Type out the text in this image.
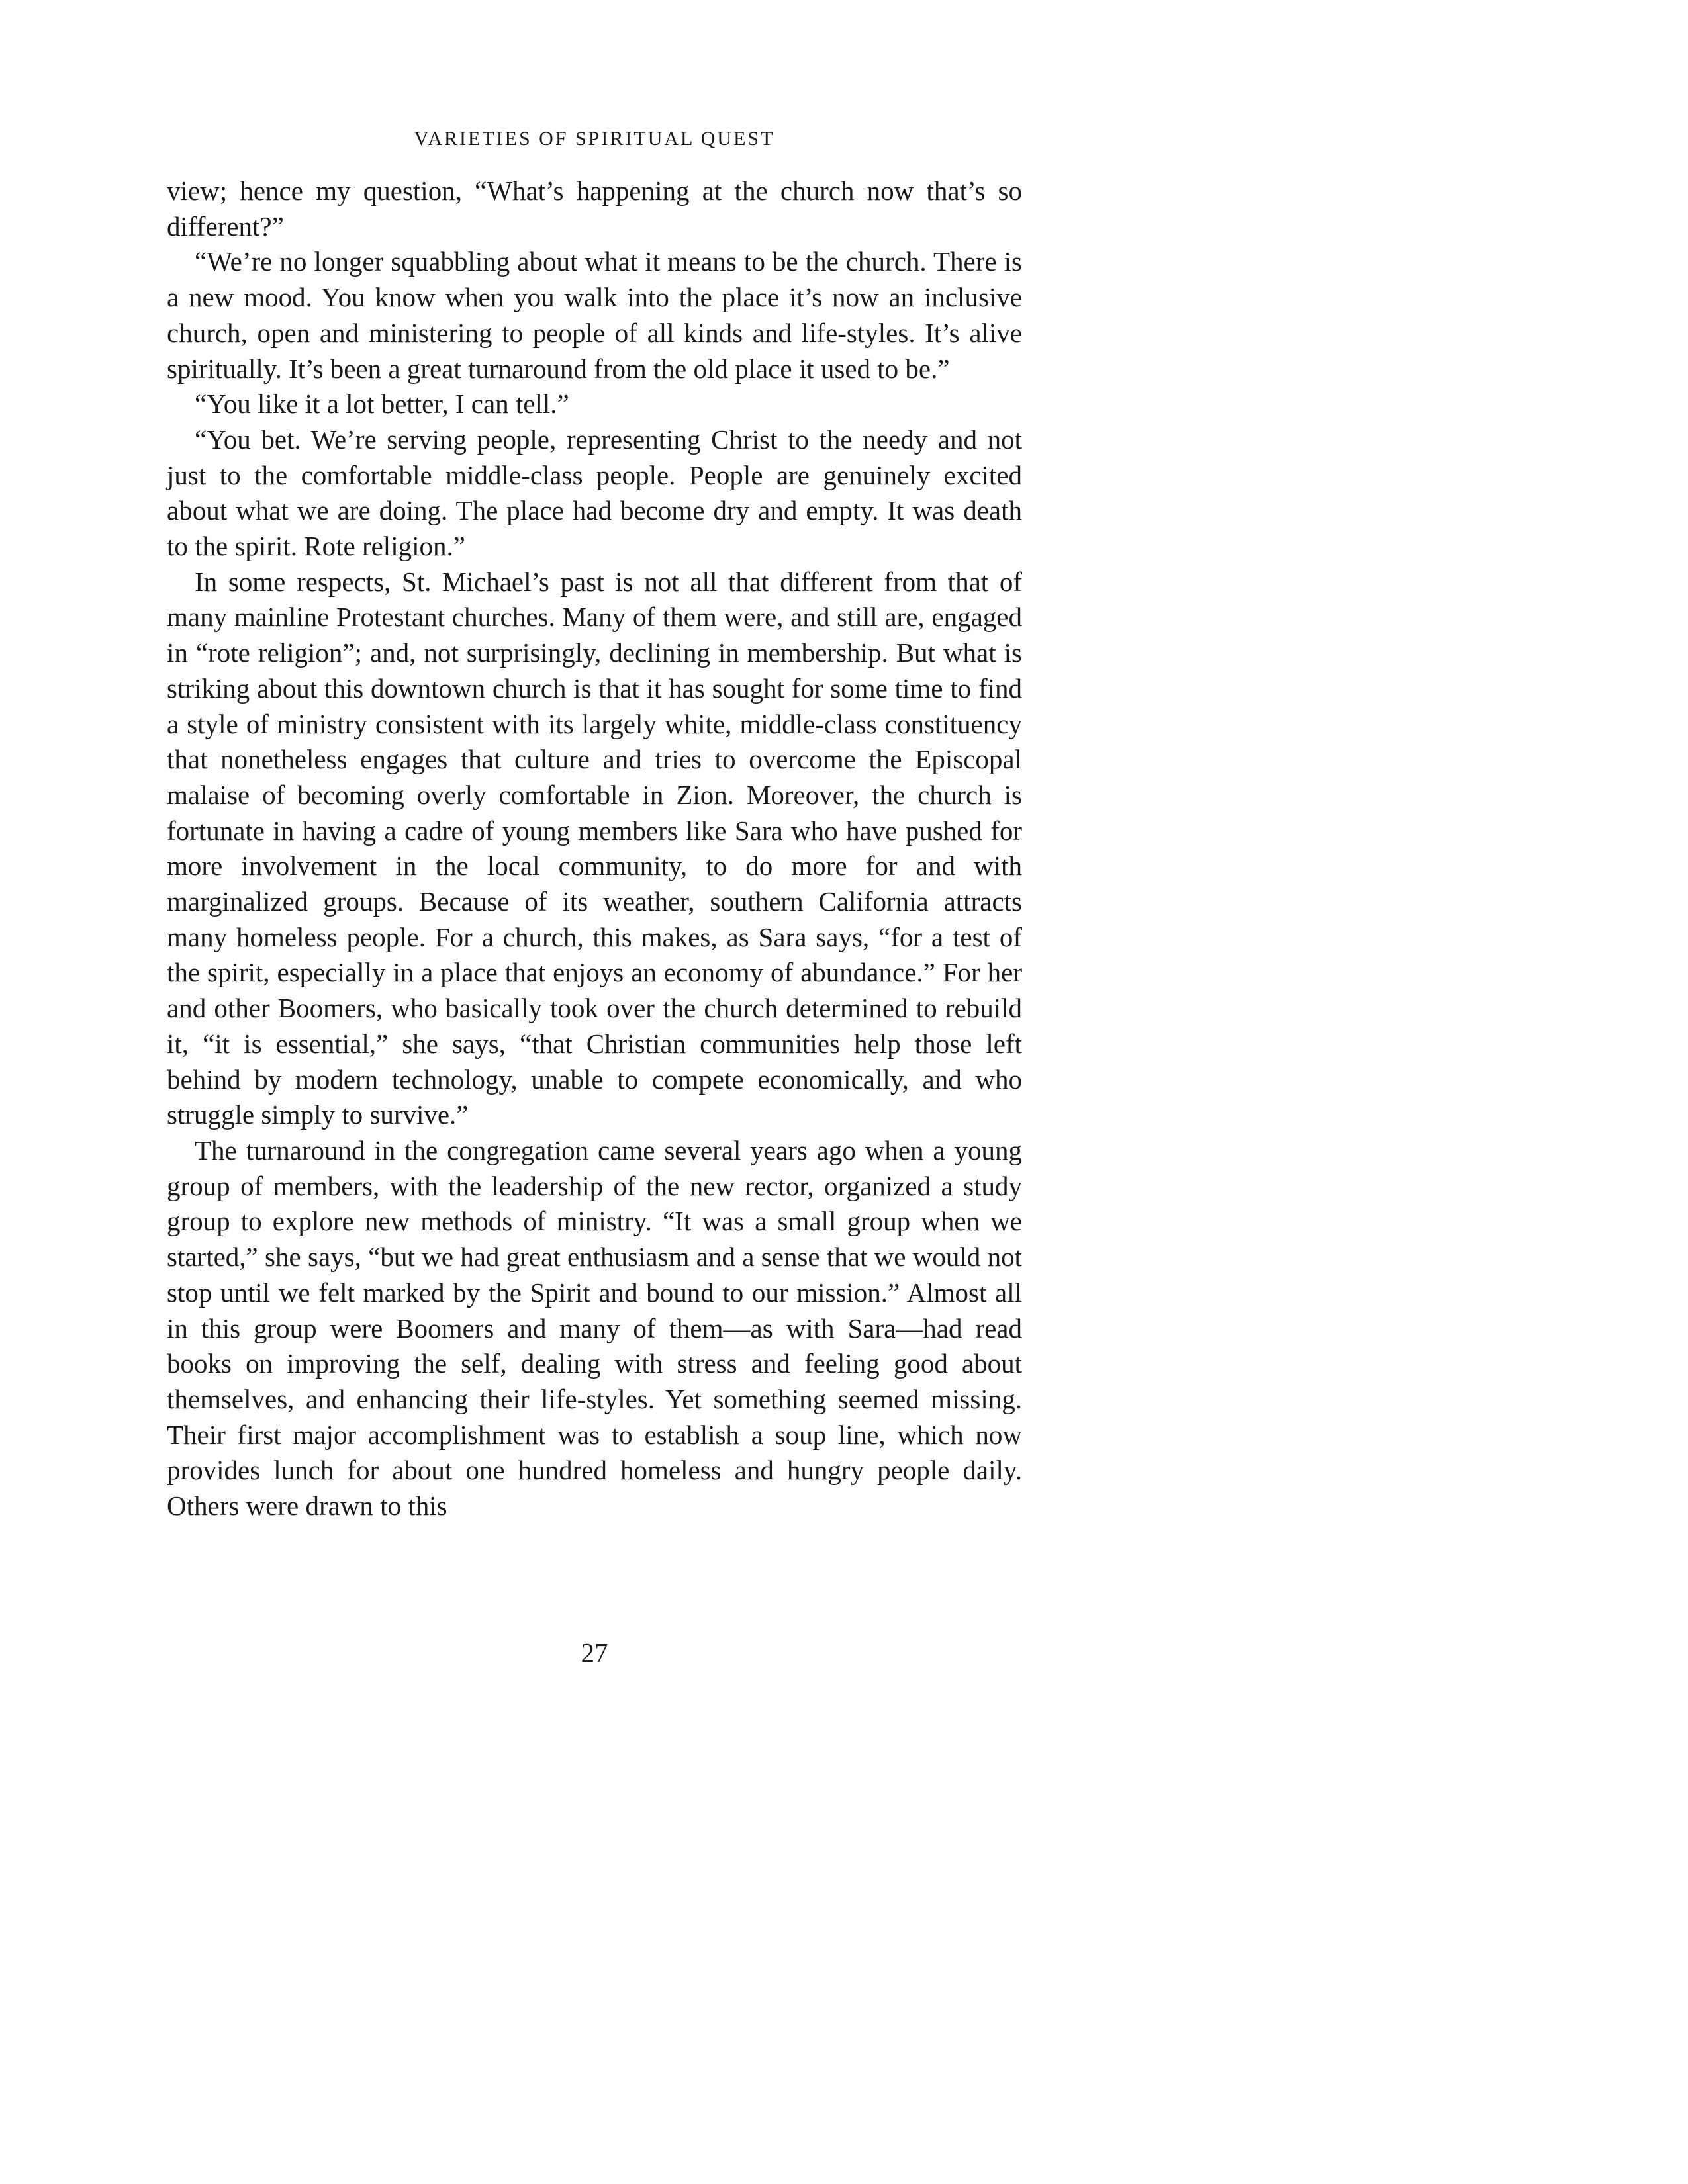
VARIETIES OF SPIRITUAL QUEST

view; hence my question, “What’s happening at the church now that’s so different?”

“We’re no longer squabbling about what it means to be the church. There is a new mood. You know when you walk into the place it’s now an inclusive church, open and ministering to people of all kinds and life-styles. It’s alive spiritually. It’s been a great turnaround from the old place it used to be.”

“You like it a lot better, I can tell.”

“You bet. We’re serving people, representing Christ to the needy and not just to the comfortable middle-class people. People are genuinely excited about what we are doing. The place had become dry and empty. It was death to the spirit. Rote religion.”

In some respects, St. Michael’s past is not all that different from that of many mainline Protestant churches. Many of them were, and still are, engaged in “rote religion”; and, not surprisingly, declining in membership. But what is striking about this downtown church is that it has sought for some time to find a style of ministry consistent with its largely white, middle-class constituency that nonetheless engages that culture and tries to overcome the Episcopal malaise of becoming overly comfortable in Zion. Moreover, the church is fortunate in having a cadre of young members like Sara who have pushed for more involvement in the local community, to do more for and with marginalized groups. Because of its weather, southern California attracts many homeless people. For a church, this makes, as Sara says, “for a test of the spirit, especially in a place that enjoys an economy of abundance.” For her and other Boomers, who basically took over the church determined to rebuild it, “it is essential,” she says, “that Christian communities help those left behind by modern technology, unable to compete economically, and who struggle simply to survive.”

The turnaround in the congregation came several years ago when a young group of members, with the leadership of the new rector, organized a study group to explore new methods of ministry. “It was a small group when we started,” she says, “but we had great enthusiasm and a sense that we would not stop until we felt marked by the Spirit and bound to our mission.” Almost all in this group were Boomers and many of them—as with Sara—had read books on improving the self, dealing with stress and feeling good about themselves, and enhancing their life-styles. Yet something seemed missing. Their first major accomplishment was to establish a soup line, which now provides lunch for about one hundred homeless and hungry people daily. Others were drawn to this

27
